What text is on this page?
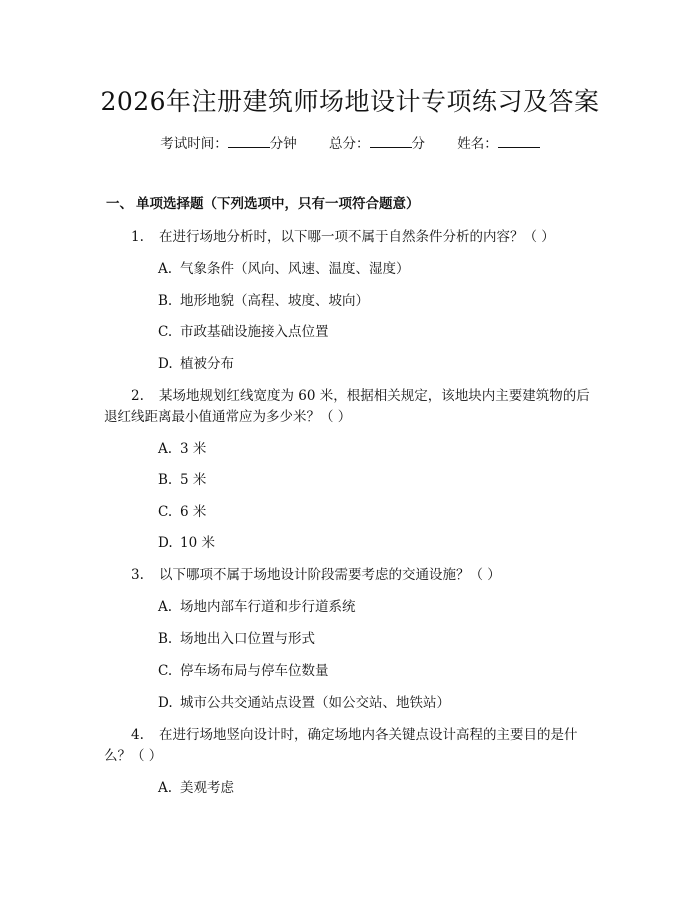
2026年注册建筑师场地设计专项练习及答案
考试时间：	分钟 总分：	分 姓名：
一、 单项选择题（下列选项中，只有一项符合题意）
1. 在进行场地分析时，以下哪一项不属于自然条件分析的内容？（ ）
A. 气象条件（风向、风速、温度、湿度）
B. 地形地貌（高程、坡度、坡向）
C. 市政基础设施接入点位置
D. 植被分布
2. 某场地规划红线宽度为 60 米，根据相关规定，该地块内主要建筑物的后
退红线距离最小值通常应为多少米？（ ）
A. 3 米
B. 5 米
C. 6 米
D. 10 米
3. 以下哪项不属于场地设计阶段需要考虑的交通设施？（ ）
A. 场地内部车行道和步行道系统
B. 场地出入口位置与形式
C. 停车场布局与停车位数量
D. 城市公共交通站点设置（如公交站、地铁站）
4. 在进行场地竖向设计时，确定场地内各关键点设计高程的主要目的是什
么？（ ）
A. 美观考虑
